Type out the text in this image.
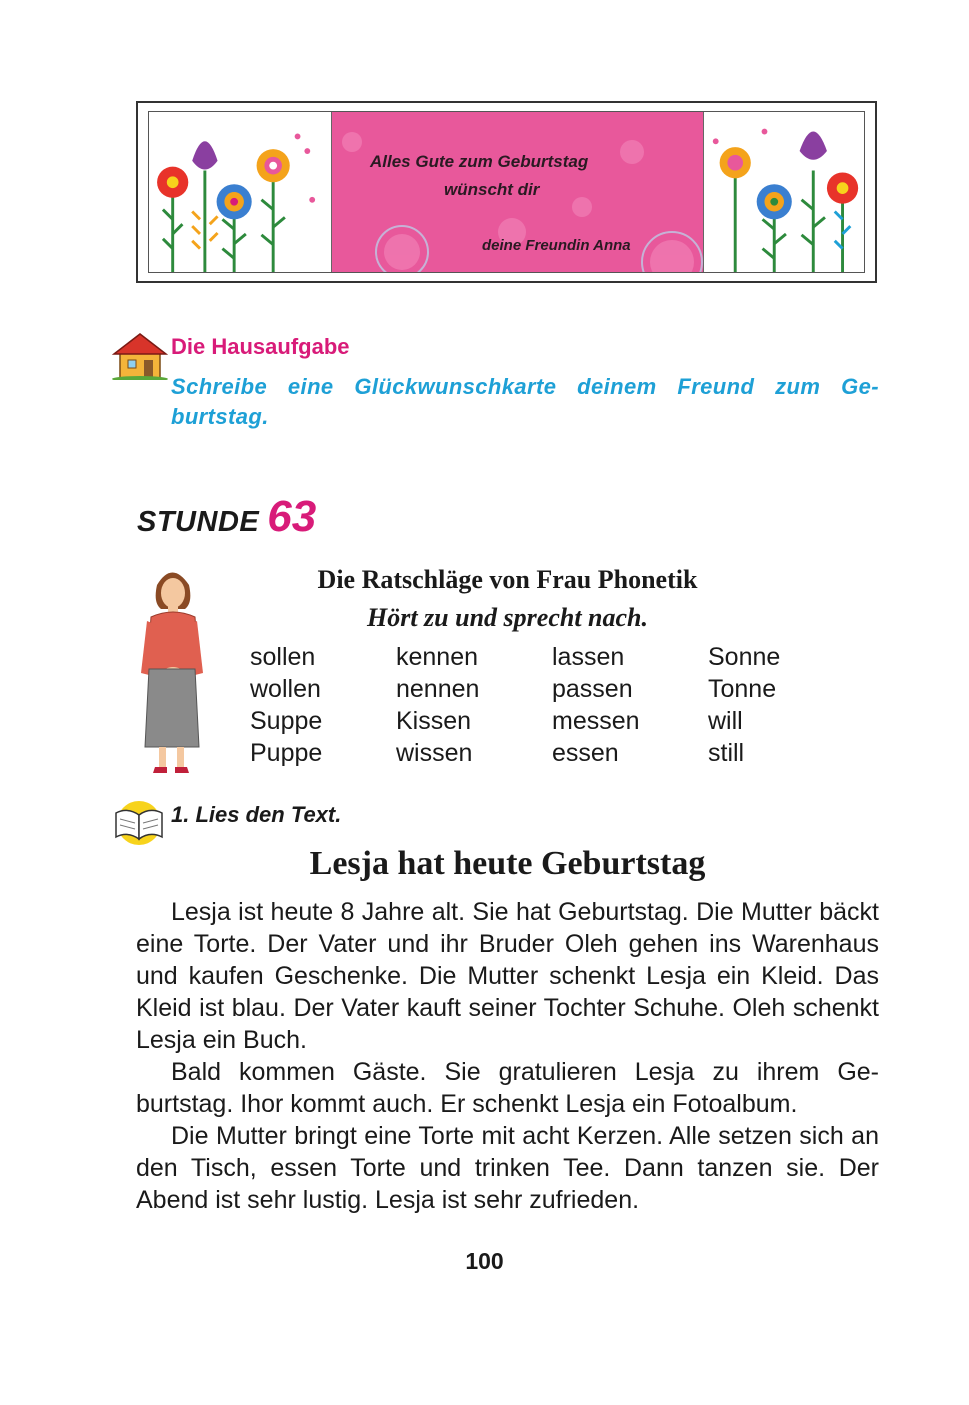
Alles Gute zum Geburtstag
wünscht dir
deine Freundin Anna
Die Hausaufgabe
Schreibe eine Glückwunschkarte deinem Freund zum Ge-burtstag.
STUNDE 63
Die Ratschläge von Frau Phonetik
Hört zu und sprecht nach.
sollen
wollen
Suppe
Puppe
kennen
nennen
Kissen
wissen
lassen
passen
messen
essen
Sonne
Tonne
will
still
1. Lies den Text.
Lesja hat heute Geburtstag

Lesja ist heute 8 Jahre alt. Sie hat Geburtstag. Die Mutter bäckt eine Torte. Der Vater und ihr Bruder Oleh gehen ins Warenhaus und kaufen Geschenke. Die Mutter schenkt Lesja ein Kleid. Das Kleid ist blau. Der Vater kauft seiner Tochter Schuhe. Oleh schenkt Lesja ein Buch.

Bald kommen Gäste. Sie gratulieren Lesja zu ihrem Ge-burtstag. Ihor kommt auch. Er schenkt Lesja ein Fotoalbum.

Die Mutter bringt eine Torte mit acht Kerzen. Alle setzen sich an den Tisch, essen Torte und trinken Tee. Dann tanzen sie. Der Abend ist sehr lustig. Lesja ist sehr zufrieden.

100
